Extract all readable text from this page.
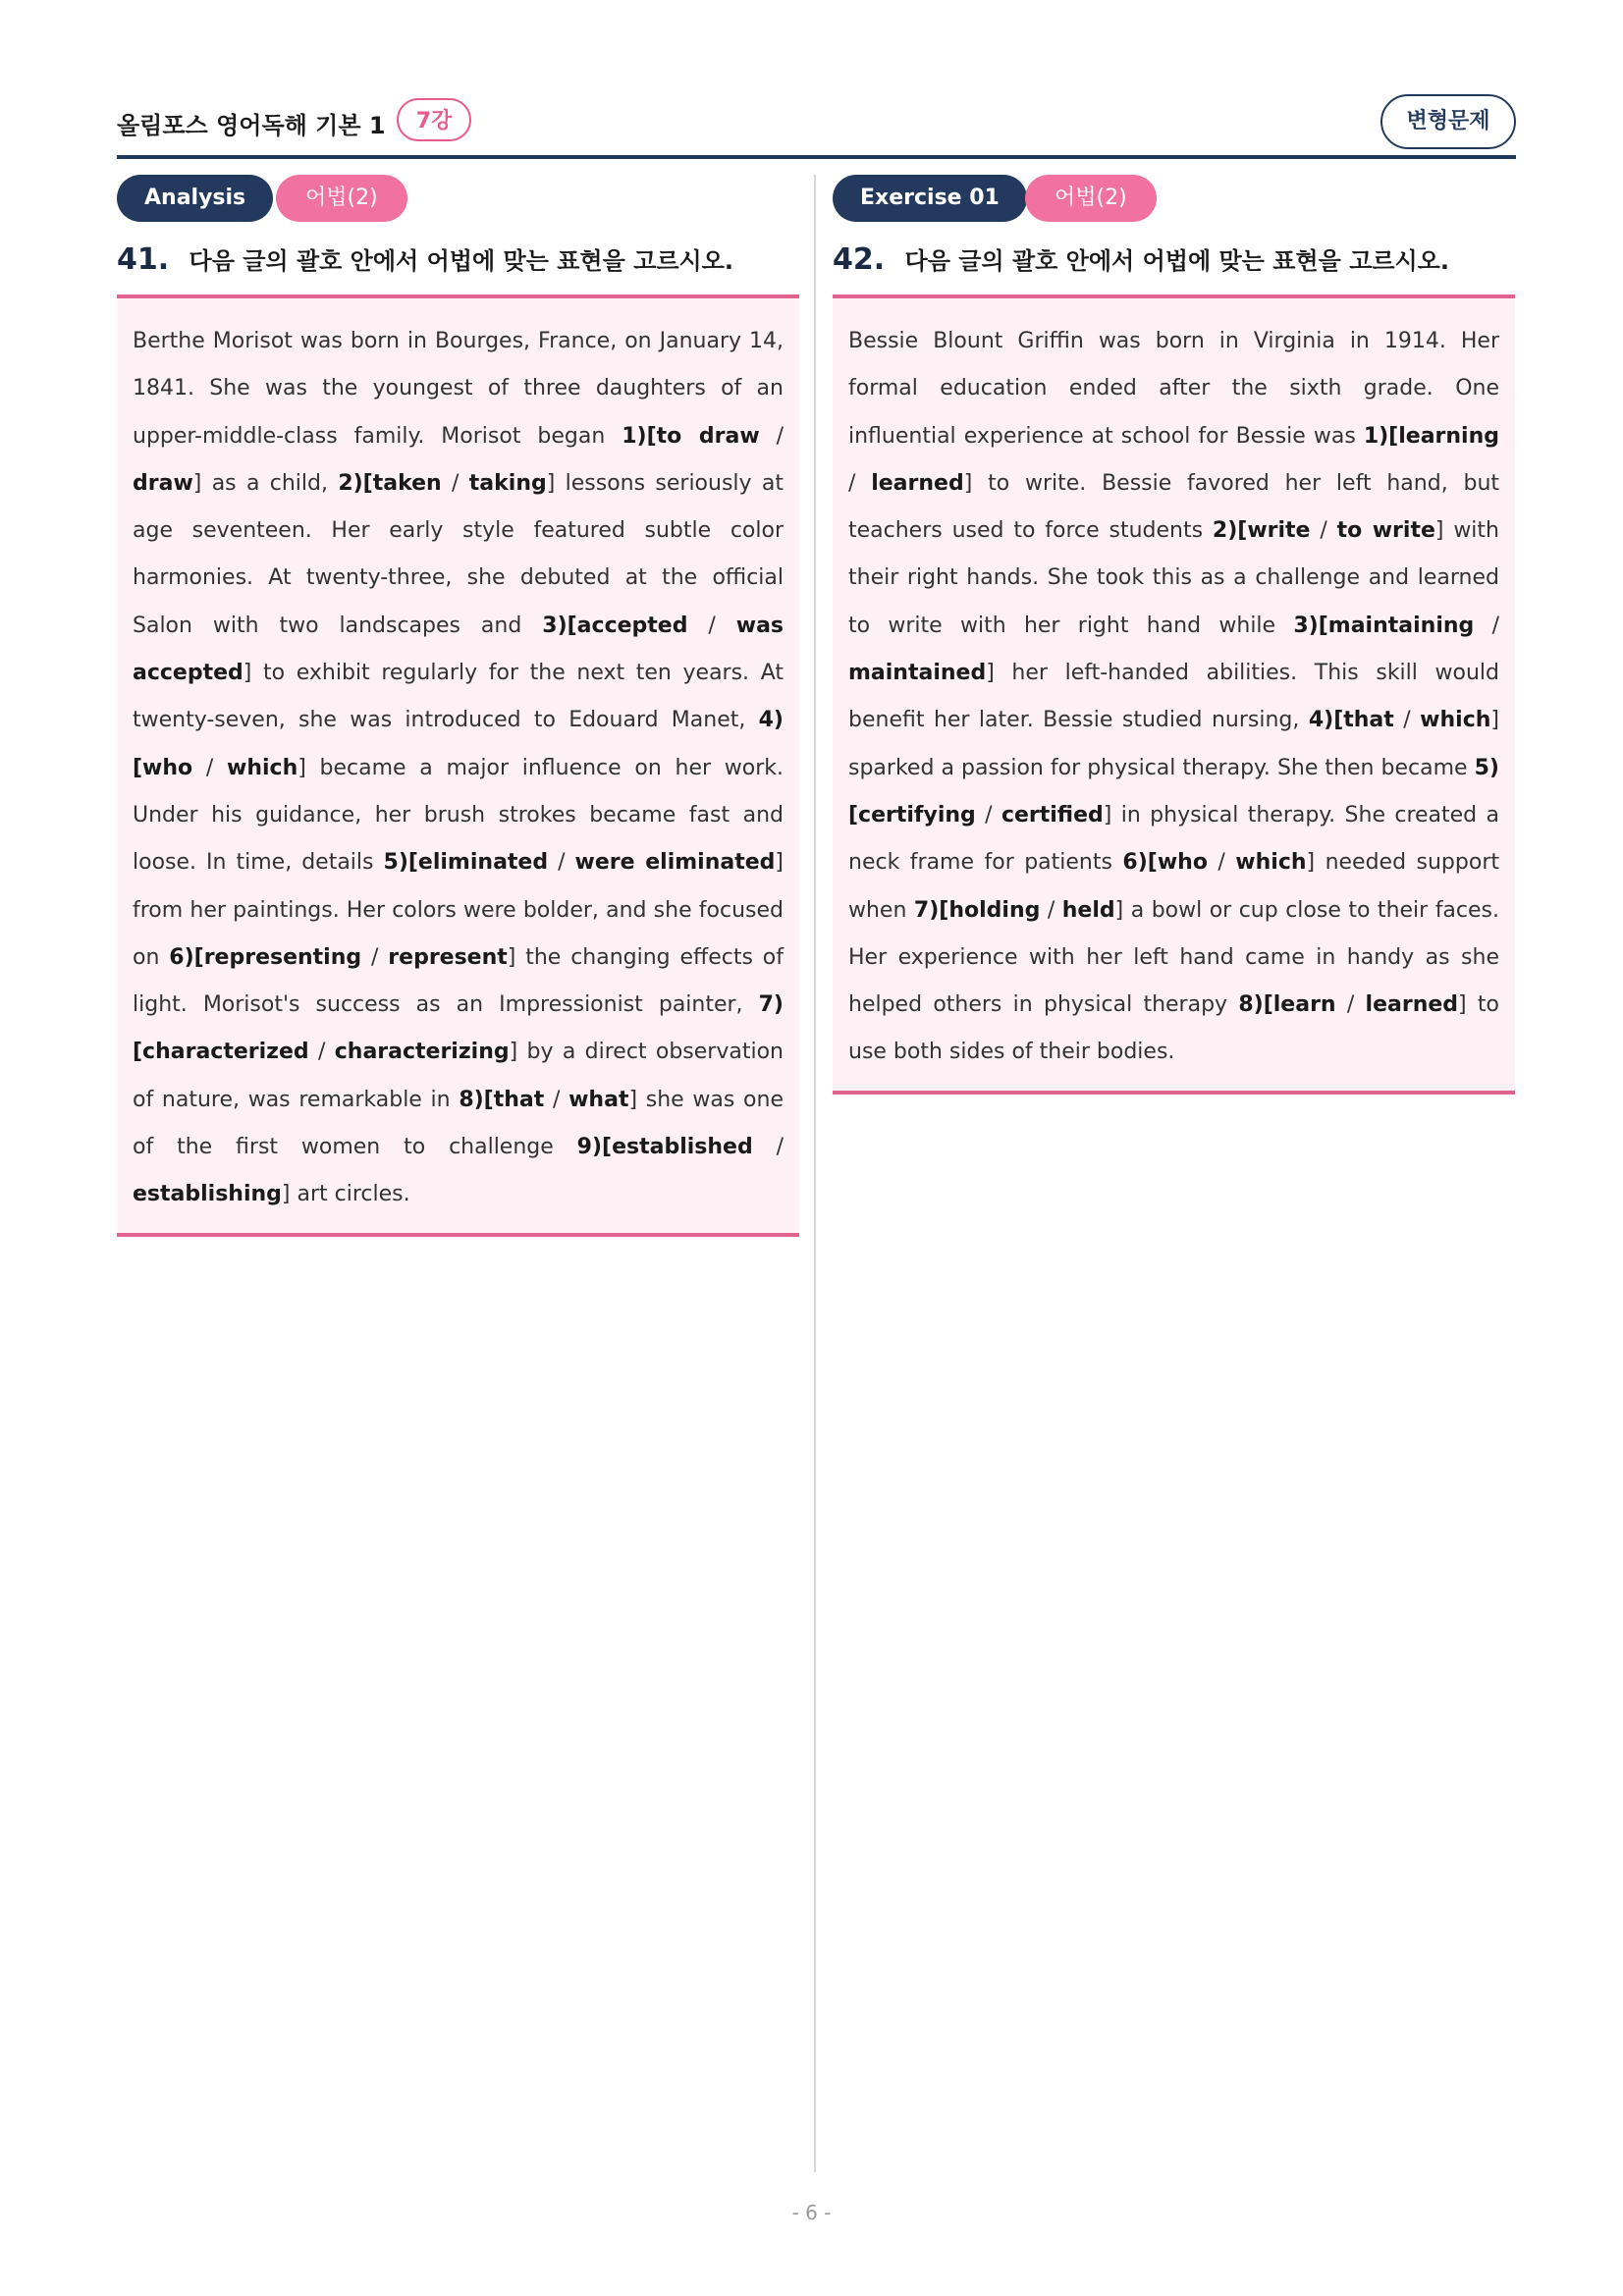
올림포스 영어독해 기본 1	7강	변형문제
Analysis	어법(2)
41. 다음 글의 괄호 안에서 어법에 맞는 표현을 고르시오.

Berthe Morisot was born in Bourges, France, on January 14, 1841. She was the youngest of three daughters of an upper-middle-class family. Morisot began 1)[to draw / draw] as a child, 2)[taken / taking] lessons seriously at age seventeen. Her early style featured subtle color harmonies. At twenty-three, she debuted at the official Salon with two landscapes and 3)[accepted / was accepted] to exhibit regularly for the next ten years. At twenty-seven, she was introduced to Edouard Manet, 4)[who / which] became a major influence on her work. Under his guidance, her brush strokes became fast and loose. In time, details 5)[eliminated / were eliminated] from her paintings. Her colors were bolder, and she focused on 6)[representing / represent] the changing effects of light. Morisot's success as an Impressionist painter, 7)[characterized / characterizing] by a direct observation of nature, was remarkable in 8)[that / what] she was one of the first women to challenge 9)[established / establishing] art circles.

Exercise 01	어법(2)
42. 다음 글의 괄호 안에서 어법에 맞는 표현을 고르시오.

Bessie Blount Griffin was born in Virginia in 1914. Her formal education ended after the sixth grade. One influential experience at school for Bessie was 1)[learning / learned] to write. Bessie favored her left hand, but teachers used to force students 2)[write / to write] with their right hands. She took this as a challenge and learned to write with her right hand while 3)[maintaining / maintained] her left-handed abilities. This skill would benefit her later. Bessie studied nursing, 4)[that / which] sparked a passion for physical therapy. She then became 5)[certifying / certified] in physical therapy. She created a neck frame for patients 6)[who / which] needed support when 7)[holding / held] a bowl or cup close to their faces. Her experience with her left hand came in handy as she helped others in physical therapy 8)[learn / learned] to use both sides of their bodies.

- 6 -
